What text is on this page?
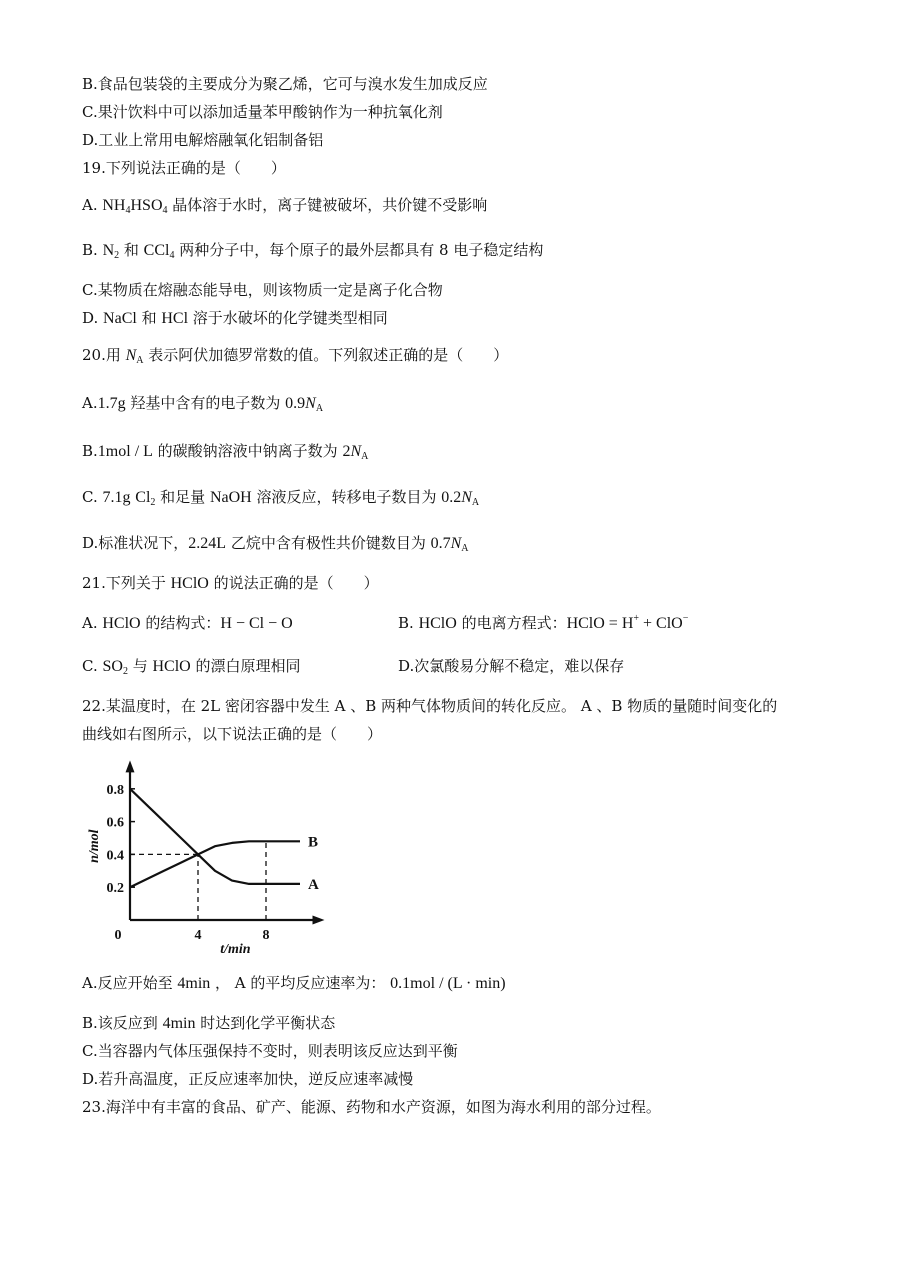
B.食品包装袋的主要成分为聚乙烯，它可与溴水发生加成反应
C.果汁饮料中可以添加适量苯甲酸钠作为一种抗氧化剂
D.工业上常用电解熔融氧化铝制备铝
19.下列说法正确的是（　　）
A. $NH_4HSO_4$ 晶体溶于水时，离子键被破坏，共价键不受影响
B. $N_2$ 和 CCl$_4$ 两种分子中，每个原子的最外层都具有 8 电子稳定结构
C.某物质在熔融态能导电，则该物质一定是离子化合物
D. NaCl 和 HCl 溶于水破坏的化学键类型相同
20.用 $N_A$ 表示阿伏加德罗常数的值。下列叙述正确的是（　　）
A.1.7g 羟基中含有的电子数为 $0.9N_A$
B.1mol / L 的碳酸钠溶液中钠离子数为 $2N_A$
C. 7.1g $Cl_2$ 和足量 NaOH 溶液反应，转移电子数目为 $0.2N_A$
D.标准状况下，2.24L 乙烷中含有极性共价键数目为 $0.7N_A$
21.下列关于 HClO 的说法正确的是（　　）
A. HClO 的结构式：H − Cl − O	B. HClO 的电离方程式：HClO = H+ + ClO−
C. $SO_2$ 与 HClO 的漂白原理相同	D.次氯酸易分解不稳定，难以保存
22.某温度时，在 2L 密闭容器中发生 A 、B 两种气体物质间的转化反应。 A 、B 物质的量随时间变化的
曲线如右图所示，以下说法正确的是（　　）
0.2
0.4
0.6
0.8
0	4	8
t/min
n/mol
A
B
A.反应开始至 4min ， A 的平均反应速率为： 0.1mol / (L · min)
B.该反应到 4min 时达到化学平衡状态
C.当容器内气体压强保持不变时，则表明该反应达到平衡
D.若升高温度，正反应速率加快，逆反应速率减慢
23.海洋中有丰富的食品、矿产、能源、药物和水产资源，如图为海水利用的部分过程。
